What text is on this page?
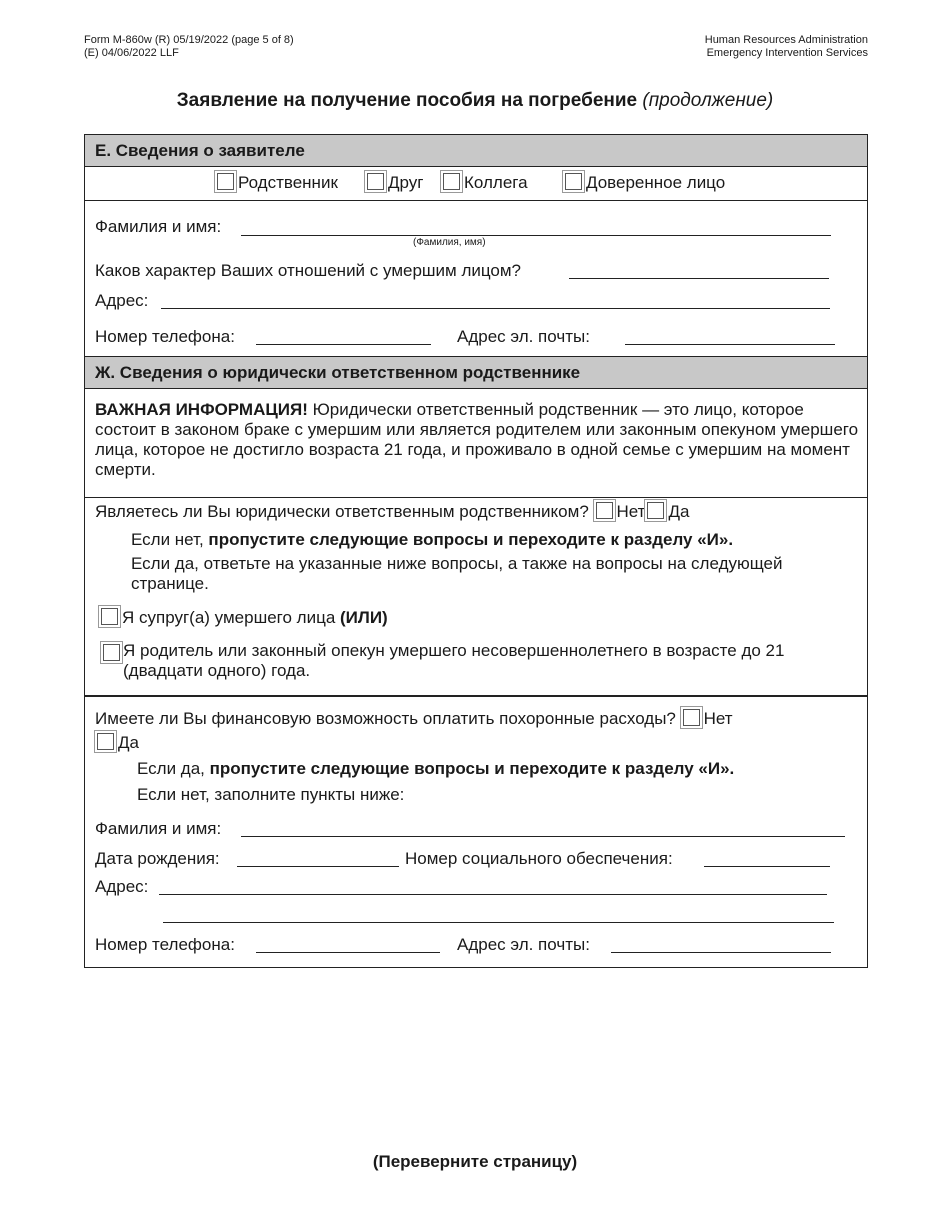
Form M-860w (R) 05/19/2022 (page 5 of 8)
(E) 04/06/2022 LLF
Human Resources Administration
Emergency Intervention Services
Заявление на получение пособия на погребение (продолжение)
Е. Сведения о заявителе
Родственник	Друг	Коллега	Доверенное лицо
Фамилия и имя:
(Фамилия, имя)
Каков характер Ваших отношений с умершим лицом?
Адрес:
Номер телефона:	Адрес эл. почты:
Ж. Сведения о юридически ответственном родственнике
ВАЖНАЯ ИНФОРМАЦИЯ! Юридически ответственный родственник — это лицо, которое состоит в законом браке с умершим или является родителем или законным опекуном умершего лица, которое не достигло возраста 21 года, и проживало в одной семье с умершим на момент смерти.
Являетесь ли Вы юридически ответственным родственником? Нет Да
Если нет, пропустите следующие вопросы и переходите к разделу «И».
Если да, ответьте на указанные ниже вопросы, а также на вопросы на следующей странице.
Я супруг(а) умершего лица (ИЛИ)
Я родитель или законный опекун умершего несовершеннолетнего в возрасте до 21 (двадцати одного) года.
Имеете ли Вы финансовую возможность оплатить похоронные расходы? Нет
Да
Если да, пропустите следующие вопросы и переходите к разделу «И».
Если нет, заполните пункты ниже:
Фамилия и имя:
Дата рождения:	Номер социального обеспечения:
Адрес:
Номер телефона:	Адрес эл. почты:
(Переверните страницу)
